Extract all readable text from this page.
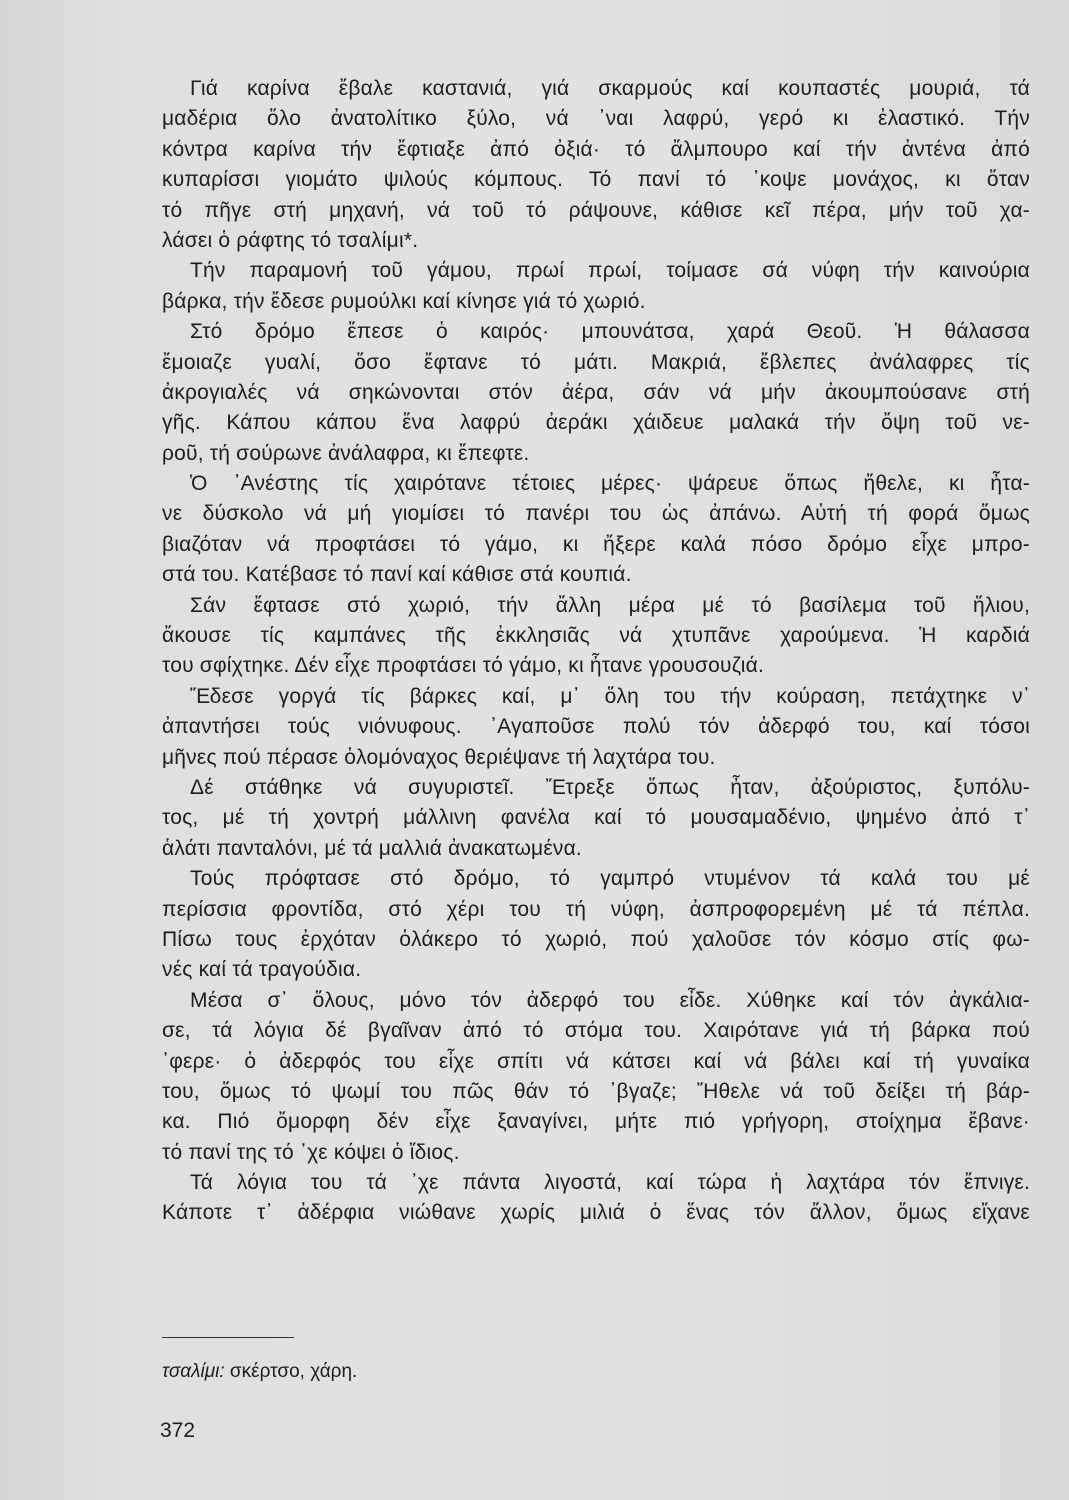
Γιά καρίνα ἔβαλε καστανιά, γιά σκαρμούς καί κουπαστές μουριά, τά
μαδέρια ὅλο ἀνατολίτικο ξύλο, νά ᾿ναι λαφρύ, γερό κι ἐλαστικό. Τήν
κόντρα καρίνα τήν ἔφτιαξε ἀπό ὀξιά· τό ἄλμπουρο καί τήν ἀντένα ἀπό
κυπαρίσσι γιομάτο ψιλούς κόμπους. Τό πανί τό ᾿κοψε μονάχος, κι ὅταν
τό πῆγε στή μηχανή, νά τοῦ τό ράψουνε, κάθισε κεῖ πέρα, μήν τοῦ χα-
λάσει ὁ ράφτης τό τσαλίμι*.
Τήν παραμονή τοῦ γάμου, πρωί πρωί, τοίμασε σά νύφη τήν καινούρια
βάρκα, τήν ἔδεσε ρυμούλκι καί κίνησε γιά τό χωριό.
Στό δρόμο ἔπεσε ὁ καιρός· μπουνάτσα, χαρά Θεοῦ. Ἡ θάλασσα
ἔμοιαζε γυαλί, ὅσο ἔφτανε τό μάτι. Μακριά, ἔβλεπες ἀνάλαφρες τίς
ἀκρογιαλές νά σηκώνονται στόν ἀέρα, σάν νά μήν ἀκουμπούσανε στή
γῆς. Κάπου κάπου ἕνα λαφρύ ἀεράκι χάιδευε μαλακά τήν ὄψη τοῦ νε-
ροῦ, τή σούρωνε ἀνάλαφρα, κι ἔπεφτε.
Ὁ ᾿Ανέστης τίς χαιρότανε τέτοιες μέρες· ψάρευε ὅπως ἤθελε, κι ἦτα-
νε δύσκολο νά μή γιομίσει τό πανέρι του ὡς ἀπάνω. Αὐτή τή φορά ὅμως
βιαζόταν νά προφτάσει τό γάμο, κι ἤξερε καλά πόσο δρόμο εἶχε μπρο-
στά του. Κατέβασε τό πανί καί κάθισε στά κουπιά.
Σάν ἔφτασε στό χωριό, τήν ἄλλη μέρα μέ τό βασίλεμα τοῦ ἥλιου,
ἄκουσε τίς καμπάνες τῆς ἐκκλησιᾶς νά χτυπᾶνε χαρούμενα. Ἡ καρδιά
του σφίχτηκε. Δέν εἶχε προφτάσει τό γάμο, κι ἦτανε γρουσουζιά.
Ἔδεσε γοργά τίς βάρκες καί, μ᾿ ὅλη του τήν κούραση, πετάχτηκε ν᾿
ἀπαντήσει τούς νιόνυφους. ᾿Αγαποῦσε πολύ τόν ἀδερφό του, καί τόσοι
μῆνες πού πέρασε ὁλομόναχος θεριέψανε τή λαχτάρα του.
Δέ στάθηκε νά συγυριστεῖ. Ἔτρεξε ὅπως ἦταν, ἀξούριστος, ξυπόλυ-
τος, μέ τή χοντρή μάλλινη φανέλα καί τό μουσαμαδένιο, ψημένο ἀπό τ᾿
ἁλάτι πανταλόνι, μέ τά μαλλιά ἀνακατωμένα.
Τούς πρόφτασε στό δρόμο, τό γαμπρό ντυμένον τά καλά του μέ
περίσσια φροντίδα, στό χέρι του τή νύφη, ἀσπροφορεμένη μέ τά πέπλα.
Πίσω τους ἐρχόταν ὁλάκερο τό χωριό, πού χαλοῦσε τόν κόσμο στίς φω-
νές καί τά τραγούδια.
Μέσα σ᾿ ὅλους, μόνο τόν ἀδερφό του εἶδε. Χύθηκε καί τόν ἀγκάλια-
σε, τά λόγια δέ βγαῖναν ἀπό τό στόμα του. Χαιρότανε γιά τή βάρκα πού
᾿φερε· ὁ ἀδερφός του εἶχε σπίτι νά κάτσει καί νά βάλει καί τή γυναίκα
του, ὅμως τό ψωμί του πῶς θάν τό ᾿βγαζε; Ἤθελε νά τοῦ δείξει τή βάρ-
κα. Πιό ὄμορφη δέν εἶχε ξαναγίνει, μήτε πιό γρήγορη, στοίχημα ἔβανε·
τό πανί της τό ᾿χε κόψει ὁ ἴδιος.
Τά λόγια του τά ᾿χε πάντα λιγοστά, καί τώρα ἡ λαχτάρα τόν ἔπνιγε.
Κάποτε τ᾿ ἀδέρφια νιώθανε χωρίς μιλιά ὁ ἕνας τόν ἄλλον, ὅμως εἴχανε
τσαλίμι: σκέρτσο, χάρη.
372
